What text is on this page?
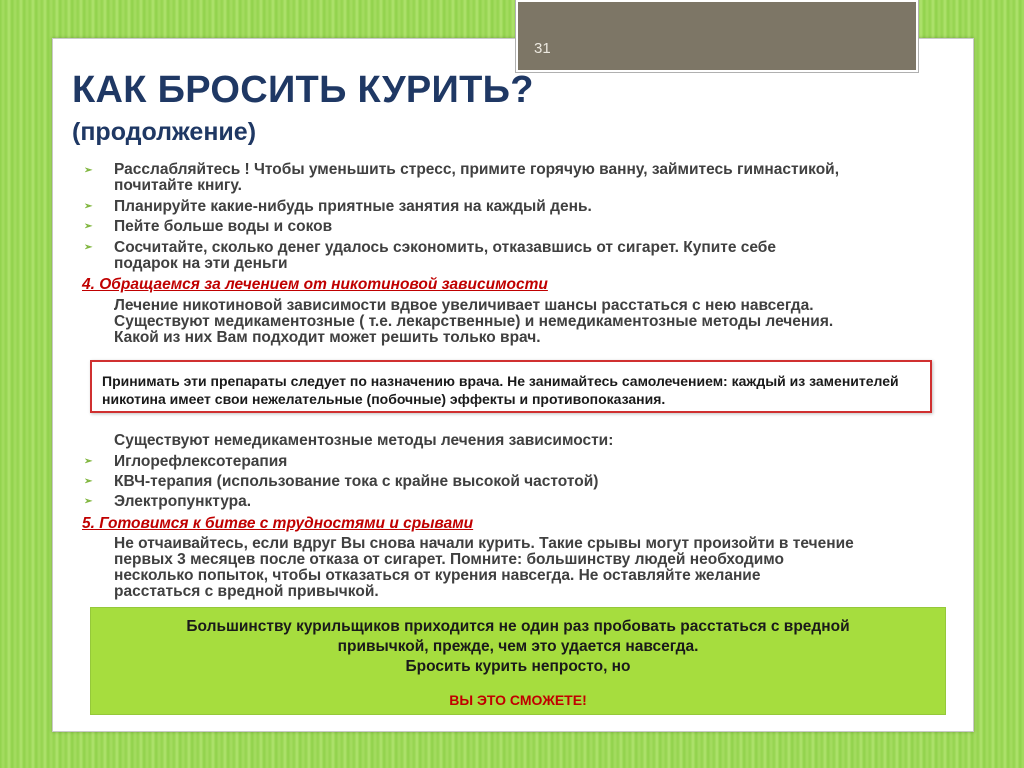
31
КАК БРОСИТЬ КУРИТЬ?
(продолжение)
➢ Расслабляйтесь ! Чтобы уменьшить стресс, примите горячую ванну, займитесь гимнастикой,
почитайте книгу.
➢ Планируйте какие-нибудь приятные занятия на каждый день.
➢ Пейте больше воды и соков
➢ Сосчитайте, сколько денег удалось сэкономить, отказавшись от сигарет. Купите себе
подарок на эти деньги
4. Обращаемся за лечением от никотиновой зависимости
Лечение никотиновой зависимости вдвое увеличивает шансы расстаться с нею навсегда.
Существуют медикаментозные ( т.е. лекарственные) и немедикаментозные методы лечения.
Какой из них Вам подходит может решить только врач.

Принимать эти препараты следует по назначению врача. Не занимайтесь самолечением: каждый из заменителей никотина имеет свои нежелательные (побочные) эффекты и противопоказания.

Существуют немедикаментозные методы лечения зависимости:
➢ Иглорефлексотерапия
➢ КВЧ-терапия (использование тока с крайне высокой частотой)
➢ Электропунктура.
5. Готовимся к битве с трудностями и срывами
Не отчаивайтесь, если вдруг Вы снова начали курить. Такие срывы могут произойти в течение
первых 3 месяцев после отказа от сигарет. Помните: большинству людей необходимо
несколько попыток, чтобы отказаться от курения навсегда. Не оставляйте желание
расстаться с вредной привычкой.
Большинству курильщиков приходится не один раз пробовать расстаться с вредной
привычкой, прежде, чем это удается навсегда.
Бросить курить непросто, но
ВЫ ЭТО СМОЖЕТЕ!
